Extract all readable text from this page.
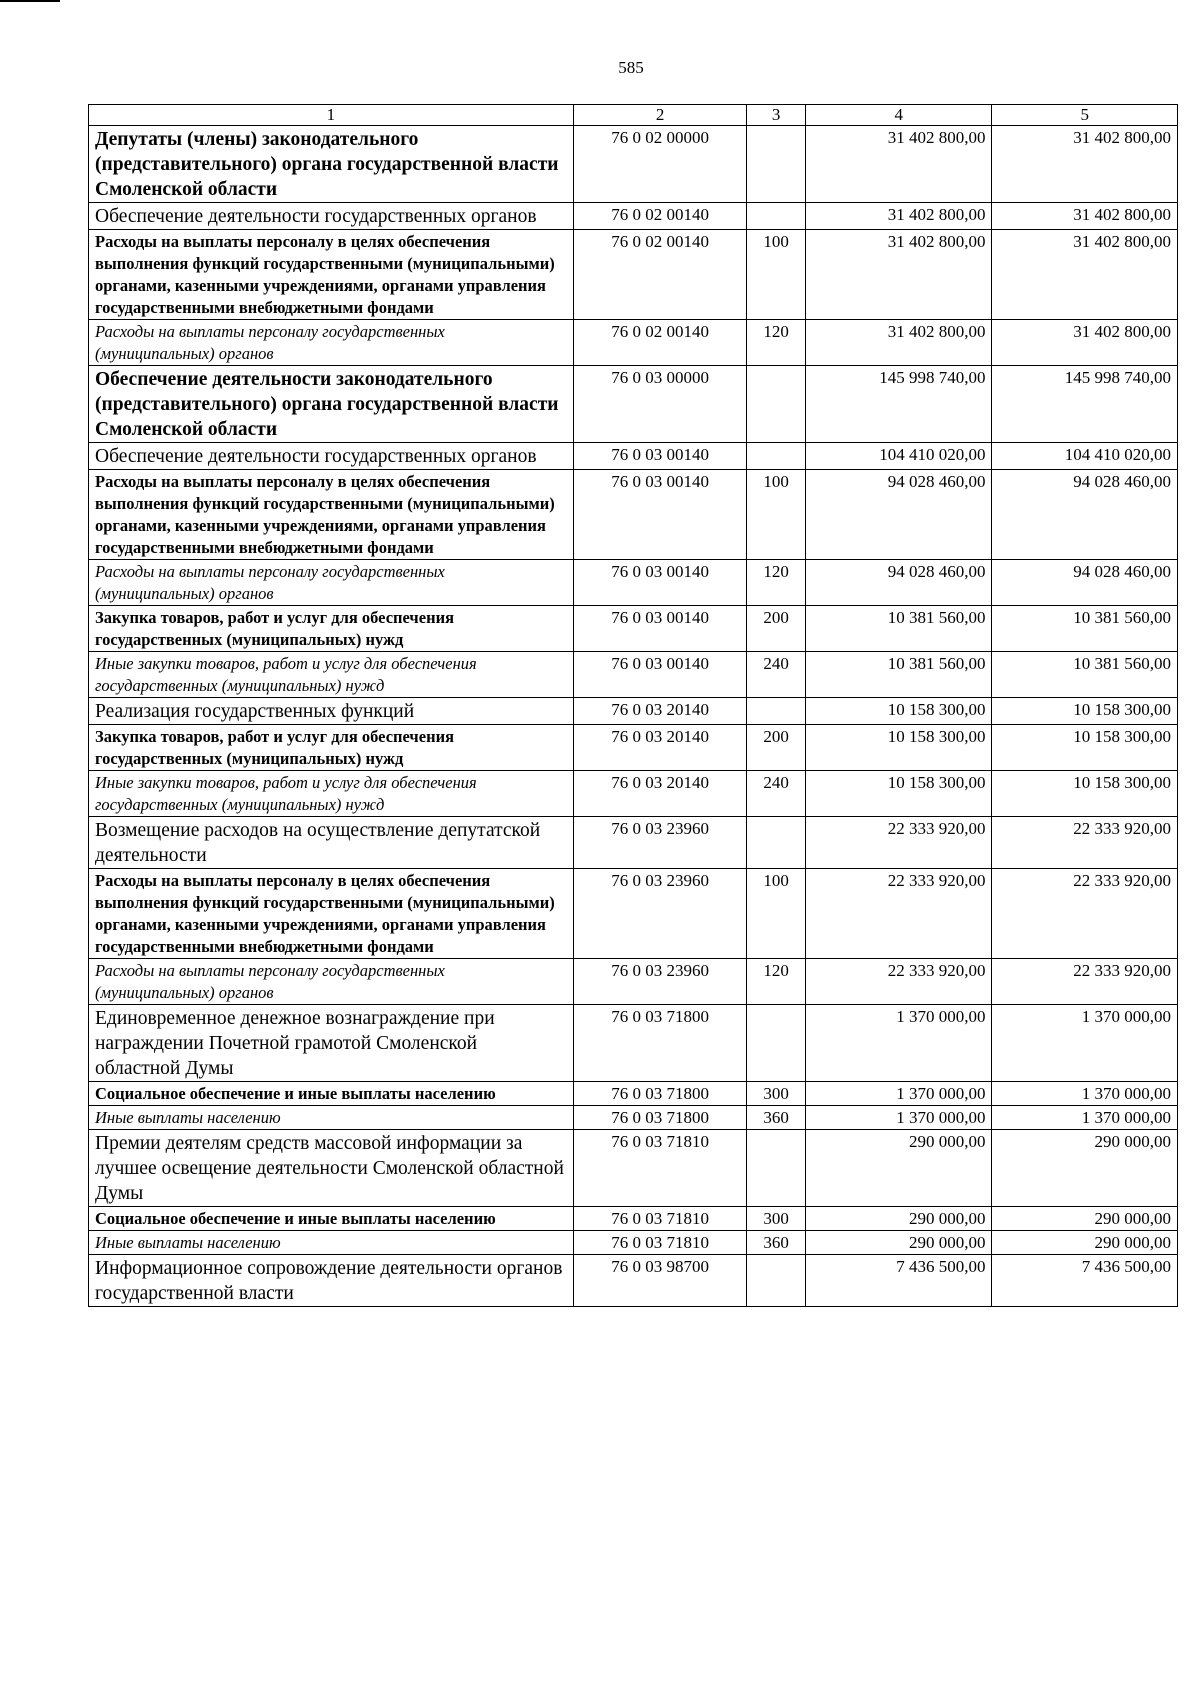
585
1	2	3	4	5
Депутаты (члены) законодательного (представительного) органа государственной власти Смоленской области	76 0 02 00000		31 402 800,00	31 402 800,00
Обеспечение деятельности государственных органов	76 0 02 00140		31 402 800,00	31 402 800,00
Расходы на выплаты персоналу в целях обеспечения выполнения функций государственными (муниципальными) органами, казенными учреждениями, органами управления государственными внебюджетными фондами	76 0 02 00140	100	31 402 800,00	31 402 800,00
Расходы на выплаты персоналу государственных (муниципальных) органов	76 0 02 00140	120	31 402 800,00	31 402 800,00
Обеспечение деятельности законодательного (представительного) органа государственной власти Смоленской области	76 0 03 00000		145 998 740,00	145 998 740,00
Обеспечение деятельности государственных органов	76 0 03 00140		104 410 020,00	104 410 020,00
Расходы на выплаты персоналу в целях обеспечения выполнения функций государственными (муниципальными) органами, казенными учреждениями, органами управления государственными внебюджетными фондами	76 0 03 00140	100	94 028 460,00	94 028 460,00
Расходы на выплаты персоналу государственных (муниципальных) органов	76 0 03 00140	120	94 028 460,00	94 028 460,00
Закупка товаров, работ и услуг для обеспечения государственных (муниципальных) нужд	76 0 03 00140	200	10 381 560,00	10 381 560,00
Иные закупки товаров, работ и услуг для обеспечения государственных (муниципальных) нужд	76 0 03 00140	240	10 381 560,00	10 381 560,00
Реализация государственных функций	76 0 03 20140		10 158 300,00	10 158 300,00
Закупка товаров, работ и услуг для обеспечения государственных (муниципальных) нужд	76 0 03 20140	200	10 158 300,00	10 158 300,00
Иные закупки товаров, работ и услуг для обеспечения государственных (муниципальных) нужд	76 0 03 20140	240	10 158 300,00	10 158 300,00
Возмещение расходов на осуществление депутатской деятельности	76 0 03 23960		22 333 920,00	22 333 920,00
Расходы на выплаты персоналу в целях обеспечения выполнения функций государственными (муниципальными) органами, казенными учреждениями, органами управления государственными внебюджетными фондами	76 0 03 23960	100	22 333 920,00	22 333 920,00
Расходы на выплаты персоналу государственных (муниципальных) органов	76 0 03 23960	120	22 333 920,00	22 333 920,00
Единовременное денежное вознаграждение при награждении Почетной грамотой Смоленской областной Думы	76 0 03 71800		1 370 000,00	1 370 000,00
Социальное обеспечение и иные выплаты населению	76 0 03 71800	300	1 370 000,00	1 370 000,00
Иные выплаты населению	76 0 03 71800	360	1 370 000,00	1 370 000,00
Премии деятелям средств массовой информации за лучшее освещение деятельности Смоленской областной Думы	76 0 03 71810		290 000,00	290 000,00
Социальное обеспечение и иные выплаты населению	76 0 03 71810	300	290 000,00	290 000,00
Иные выплаты населению	76 0 03 71810	360	290 000,00	290 000,00
Информационное сопровождение деятельности органов государственной власти	76 0 03 98700		7 436 500,00	7 436 500,00
